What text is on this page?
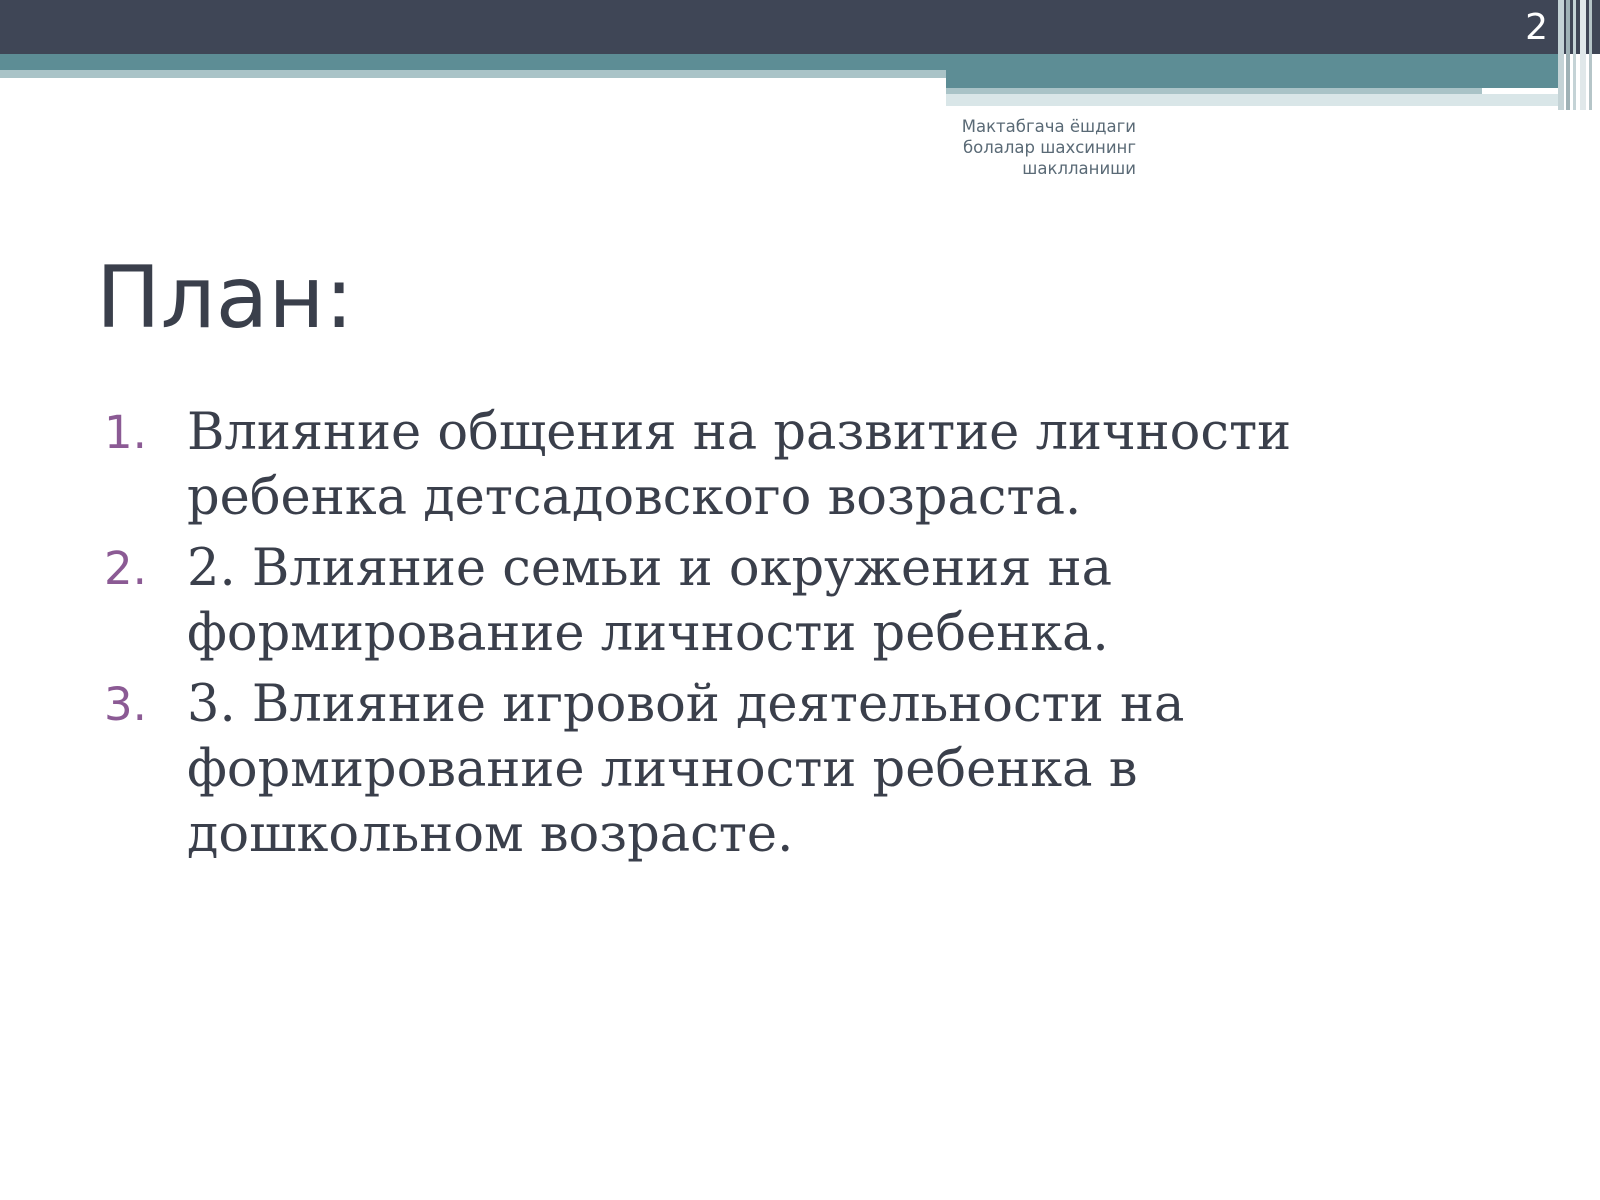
2
Мактабгача ёшдаги
болалар шахсининг
шаклланиши
План:
1. Влияние общения на развитие личности ребенка детсадовского возраста.
2. 2. Влияние семьи и окружения на формирование личности ребенка.
3. 3. Влияние игровой деятельности на формирование личности ребенка в дошкольном возрасте.
